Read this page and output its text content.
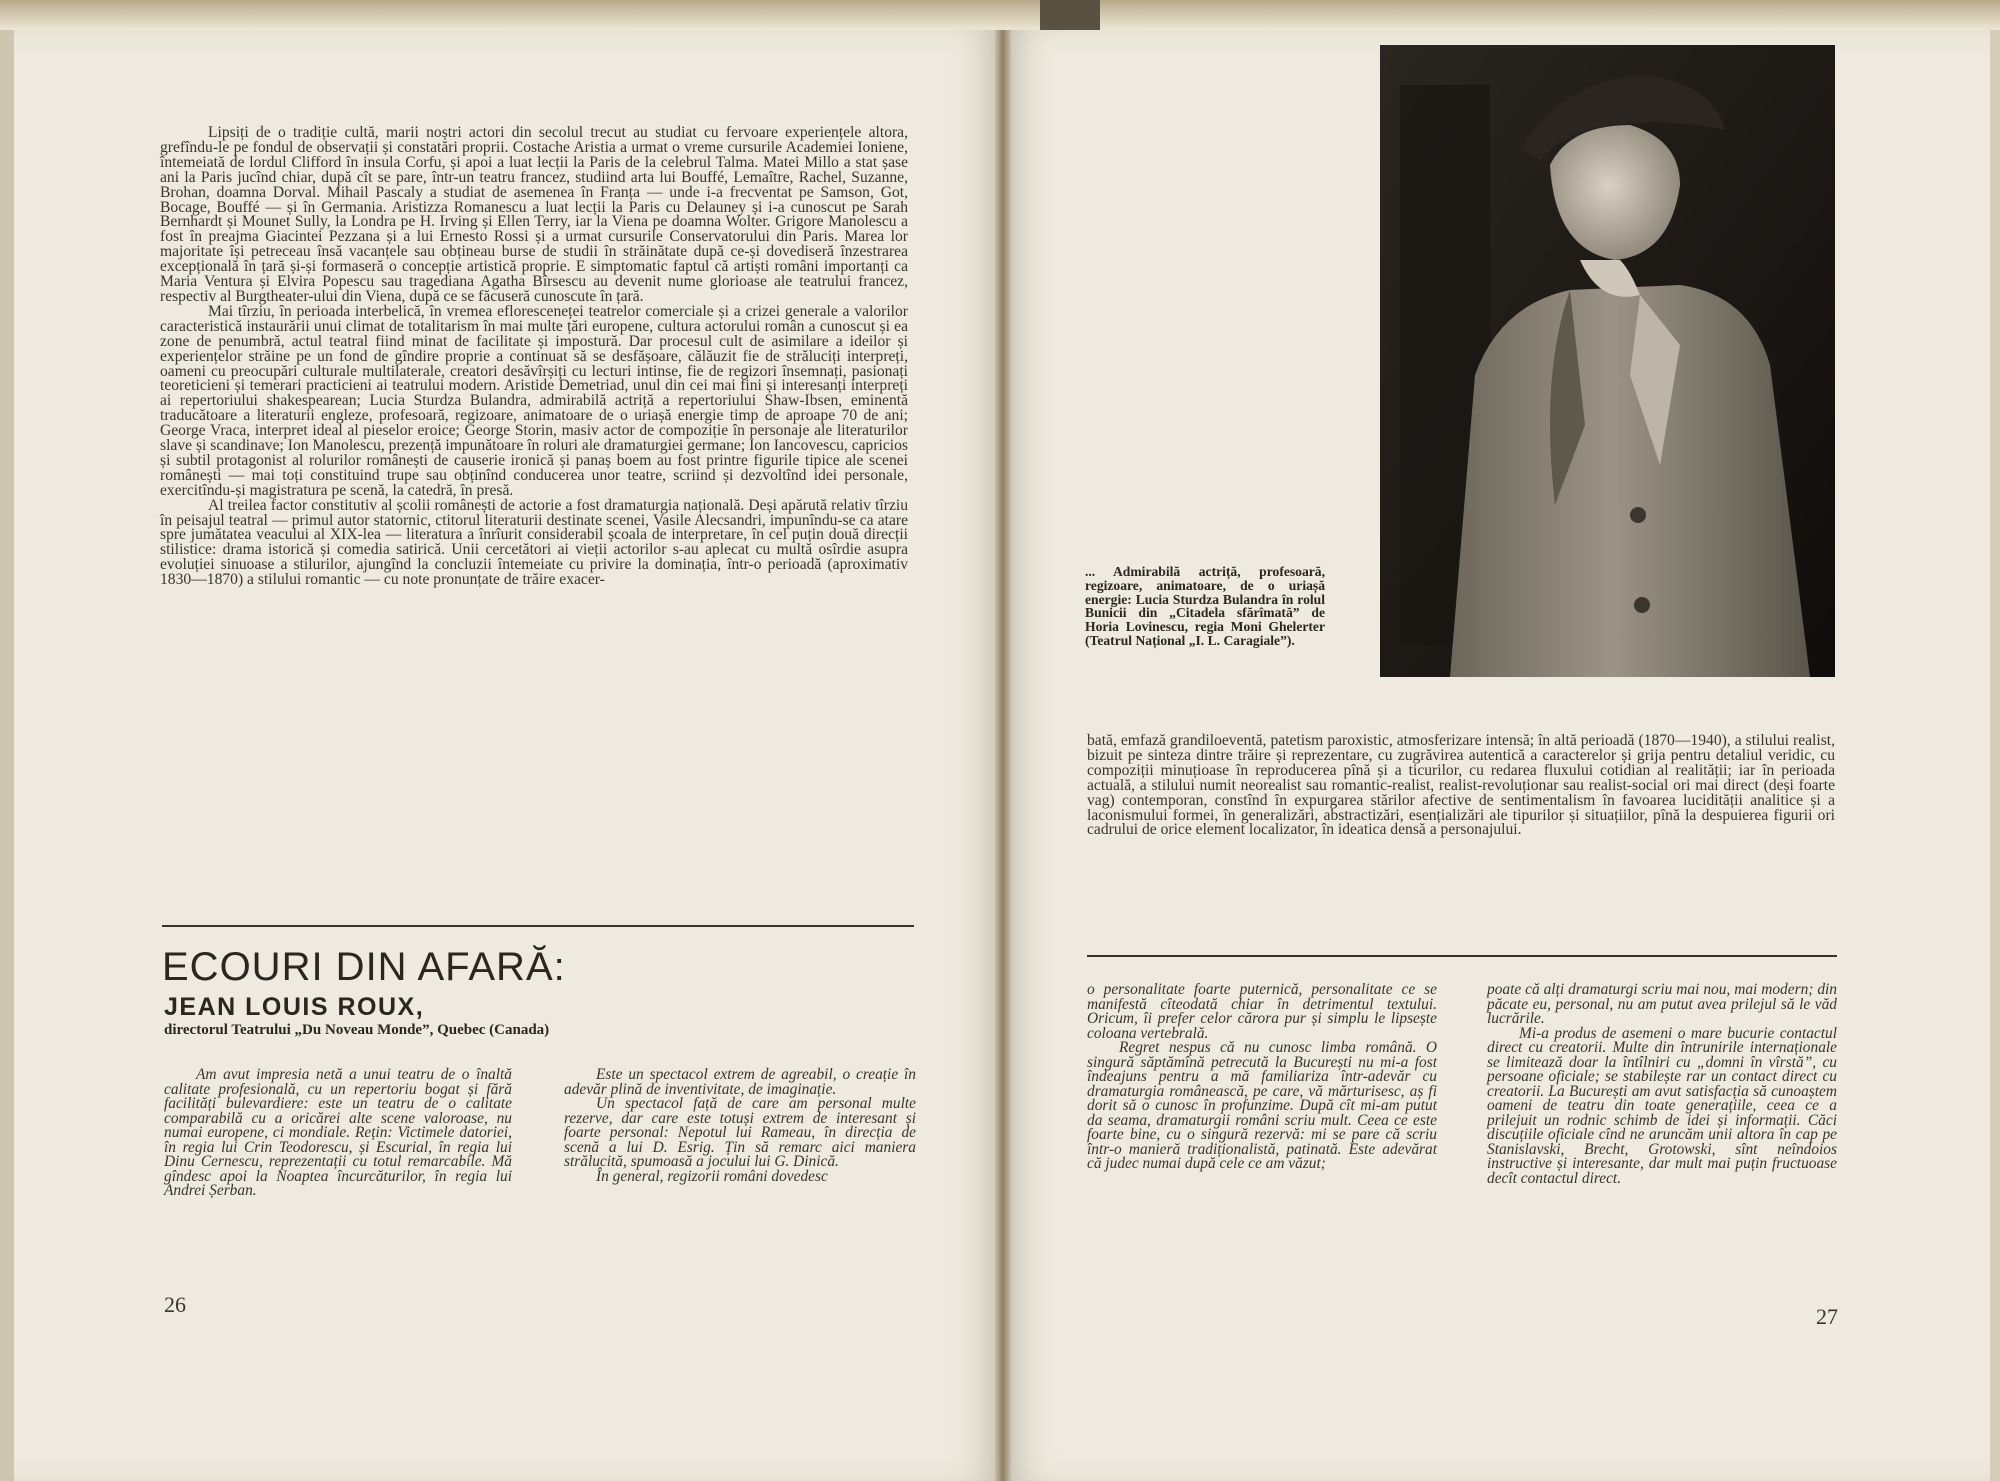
Lipsiți de o tradiție cultă, marii noștri actori din secolul trecut au studiat cu fervoare experiențele altora, grefîndu-le pe fondul de observații și constatări proprii. Costache Aristia a urmat o vreme cursurile Academiei Ioniene, întemeiată de lordul Clifford în insula Corfu, și apoi a luat lecții la Paris de la celebrul Talma. Matei Millo a stat șase ani la Paris jucînd chiar, după cît se pare, într-un teatru francez, studiind arta lui Bouffé, Lemaître, Rachel, Suzanne, Brohan, doamna Dorval. Mihail Pascaly a studiat de asemenea în Franța — unde i-a frecventat pe Samson, Got, Bocage, Bouffé — și în Germania. Aristizza Romanescu a luat lecții la Paris cu Delauney și i-a cunoscut pe Sarah Bernhardt și Mounet Sully, la Londra pe H. Irving și Ellen Terry, iar la Viena pe doamna Wolter. Grigore Manolescu a fost în preajma Giacintei Pezzana și a lui Ernesto Rossi și a urmat cursurile Conservatorului din Paris. Marea lor majoritate își petreceau însă vacanțele sau obțineau burse de studii în străinătate după ce-și dovediseră înzestrarea excepțională în țară și-și formaseră o concepție artistică proprie. E simptomatic faptul că artiști români importanți ca Maria Ventura și Elvira Popescu sau tragediana Agatha Bîrsescu au devenit nume glorioase ale teatrului francez, respectiv al Burgtheater-ului din Viena, după ce se făcuseră cunoscute în țară.

Mai tîrziu, în perioada interbelică, în vremea efloresceneței teatrelor comerciale și a crizei generale a valorilor caracteristică instaurării unui climat de totalitarism în mai multe țări europene, cultura actorului român a cunoscut și ea zone de penumbră, actul teatral fiind minat de facilitate și impostură. Dar procesul cult de asimilare a ideilor și experiențelor străine pe un fond de gîndire proprie a continuat să se desfășoare, călăuzit fie de străluciți interpreți, oameni cu preocupări culturale multilaterale, creatori desăvîrșiți cu lecturi intinse, fie de regizori însemnați, pasionați teoreticieni și temerari practicieni ai teatrului modern. Aristide Demetriad, unul din cei mai fini și interesanți interpreți ai repertoriului shakespearean; Lucia Sturdza Bulandra, admirabilă actriță a repertoriului Shaw-Ibsen, eminentă traducătoare a literaturii engleze, profesoară, regizoare, animatoare de o uriașă energie timp de aproape 70 de ani; George Vraca, interpret ideal al pieselor eroice; George Storin, masiv actor de compoziție în personaje ale literaturilor slave și scandinave; Ion Manolescu, prezență impunătoare în roluri ale dramaturgiei germane; Ion Iancovescu, capricios și subtil protagonist al rolurilor românești de causerie ironică și panaș boem au fost printre figurile tipice ale scenei românești — mai toți constituind trupe sau obținînd conducerea unor teatre, scriind și dezvoltînd idei personale, exercitîndu-și magistratura pe scenă, la catedră, în presă.

Al treilea factor constitutiv al școlii românești de actorie a fost dramaturgia națională. Deși apărută relativ tîrziu în peisajul teatral — primul autor statornic, ctitorul literaturii destinate scenei, Vasile Alecsandri, impunîndu-se ca atare spre jumătatea veacului al XIX-lea — literatura a înrîurit considerabil școala de interpretare, în cel puțin două direcții stilistice: drama istorică și comedia satirică. Unii cercetători ai vieții actorilor s-au aplecat cu multă osîrdie asupra evoluției sinuoase a stilurilor, ajungînd la concluzii întemeiate cu privire la dominația, într-o perioadă (aproximativ 1830—1870) a stilului romantic — cu note pronunțate de trăire exacer-

ECOURI DIN AFARĂ:
JEAN LOUIS ROUX,
directorul Teatrului „Du Noveau Monde”, Quebec (Canada)

Am avut impresia netă a unui teatru de o înaltă calitate profesională, cu un repertoriu bogat și fără facilități bulevardiere: este un teatru de o calitate comparabilă cu a oricărei alte scene valoroase, nu numai europene, ci mondiale. Rețin: Victimele datoriei, în regia lui Crin Teodorescu, și Escurial, în regia lui Dinu Cernescu, reprezentații cu totul remarcabile. Mă gîndesc apoi la Noaptea încurcăturilor, în regia lui Andrei Șerban.

Este un spectacol extrem de agreabil, o creație în adevăr plină de inventivitate, de imaginație.

Un spectacol față de care am personal multe rezerve, dar care este totuși extrem de interesant și foarte personal: Nepotul lui Rameau, în direcția de scenă a lui D. Esrig. Țin să remarc aici maniera strălucită, spumoasă a jocului lui G. Dinică.

În general, regizorii români dovedesc

26
... Admirabilă actriță, profesoară, regizoare, animatoare, de o uriașă energie: Lucia Sturdza Bulandra în rolul Bunicii din „Citadela sfărîmată” de Horia Lovinescu, regia Moni Ghelerter (Teatrul Național „I. L. Caragiale”).

bată, emfază grandiloeventă, patetism paroxistic, atmosferizare intensă; în altă perioadă (1870—1940), a stilului realist, bizuit pe sinteza dintre trăire și reprezentare, cu zugrăvirea autentică a caracterelor și grija pentru detaliul veridic, cu compoziții minuțioase în reproducerea pînă și a ticurilor, cu redarea fluxului cotidian al realității; iar în perioada actuală, a stilului numit neorealist sau romantic-realist, realist-revoluționar sau realist-social ori mai direct (deși foarte vag) contemporan, constînd în expurgarea stărilor afective de sentimentalism în favoarea lucidității analitice și a laconismului formei, în generalizări, abstractizări, esențializări ale tipurilor și situațiilor, pînă la despuierea figurii ori cadrului de orice element localizator, în ideatica densă a personajului.

o personalitate foarte puternică, personalitate ce se manifestă cîteodată chiar în detrimentul textului. Oricum, îi prefer celor cărora pur și simplu le lipsește coloana vertebrală.

Regret nespus că nu cunosc limba română. O singură săptămînă petrecută la București nu mi-a fost îndeajuns pentru a mă familiariza într-adevăr cu dramaturgia românească, pe care, vă mărturisesc, aș fi dorit să o cunosc în profunzime. După cît mi-am putut da seama, dramaturgii români scriu mult. Ceea ce este foarte bine, cu o singură rezervă: mi se pare că scriu într-o manieră tradiționalistă, patinată. Este adevărat că judec numai după cele ce am văzut;

poate că alți dramaturgi scriu mai nou, mai modern; din păcate eu, personal, nu am putut avea prilejul să le văd lucrările.

Mi-a produs de asemeni o mare bucurie contactul direct cu creatorii. Multe din întrunirile internaționale se limitează doar la întîlniri cu „domni în vîrstă”, cu persoane oficiale; se stabilește rar un contact direct cu creatorii. La București am avut satisfacția să cunoaștem oameni de teatru din toate generațiile, ceea ce a prilejuit un rodnic schimb de idei și informații. Căci discuțiile oficiale cînd ne aruncăm unii altora în cap pe Stanislavski, Brecht, Grotowski, sînt neîndoios instructive și interesante, dar mult mai puțin fructuoase decît contactul direct.

27
